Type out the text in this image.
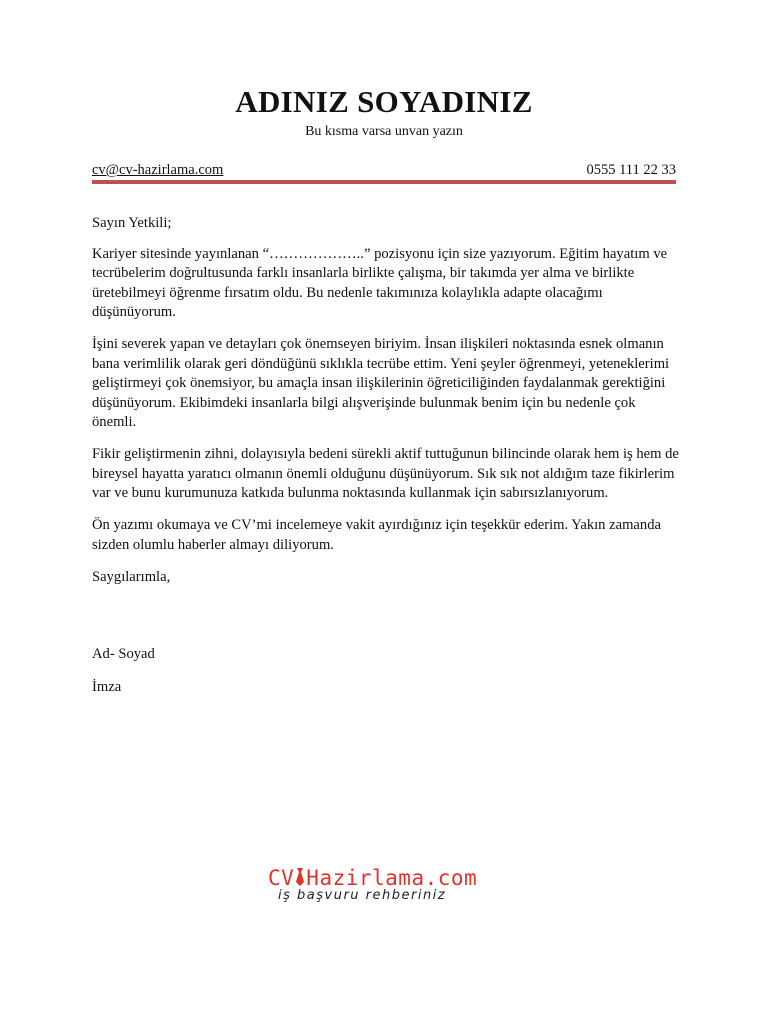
ADINIZ SOYADINIZ
Bu kısma varsa unvan yazın
cv@cv-hazirlama.com	0555 111 22 33

Sayın Yetkili;

Kariyer sitesinde yayınlanan “………………..” pozisyonu için size yazıyorum. Eğitim hayatım ve tecrübelerim doğrultusunda farklı insanlarla birlikte çalışma, bir takımda yer alma ve birlikte üretebilmeyi öğrenme fırsatım oldu. Bu nedenle takımınıza kolaylıkla adapte olacağımı düşünüyorum.

İşini severek yapan ve detayları çok önemseyen biriyim. İnsan ilişkileri noktasında esnek olmanın bana verimlilik olarak geri döndüğünü sıklıkla tecrübe ettim. Yeni şeyler öğrenmeyi, yeteneklerimi geliştirmeyi çok önemsiyor, bu amaçla insan ilişkilerinin öğreticiliğinden faydalanmak gerektiğini düşünüyorum. Ekibimdeki insanlarla bilgi alışverişinde bulunmak benim için bu nedenle çok önemli.

Fikir geliştirmenin zihni, dolayısıyla bedeni sürekli aktif tuttuğunun bilincinde olarak hem iş hem de bireysel hayatta yaratıcı olmanın önemli olduğunu düşünüyorum. Sık sık not aldığım taze fikirlerim var ve bunu kurumunuza katkıda bulunma noktasında kullanmak için sabırsızlanıyorum.

Ön yazımı okumaya ve CV’mi incelemeye vakit ayırdığınız için teşekkür ederim. Yakın zamanda sizden olumlu haberler almayı diliyorum.

Saygılarımla,

Ad- Soyad
İmza
CV Hazirlama.com
iş başvuru rehberiniz
